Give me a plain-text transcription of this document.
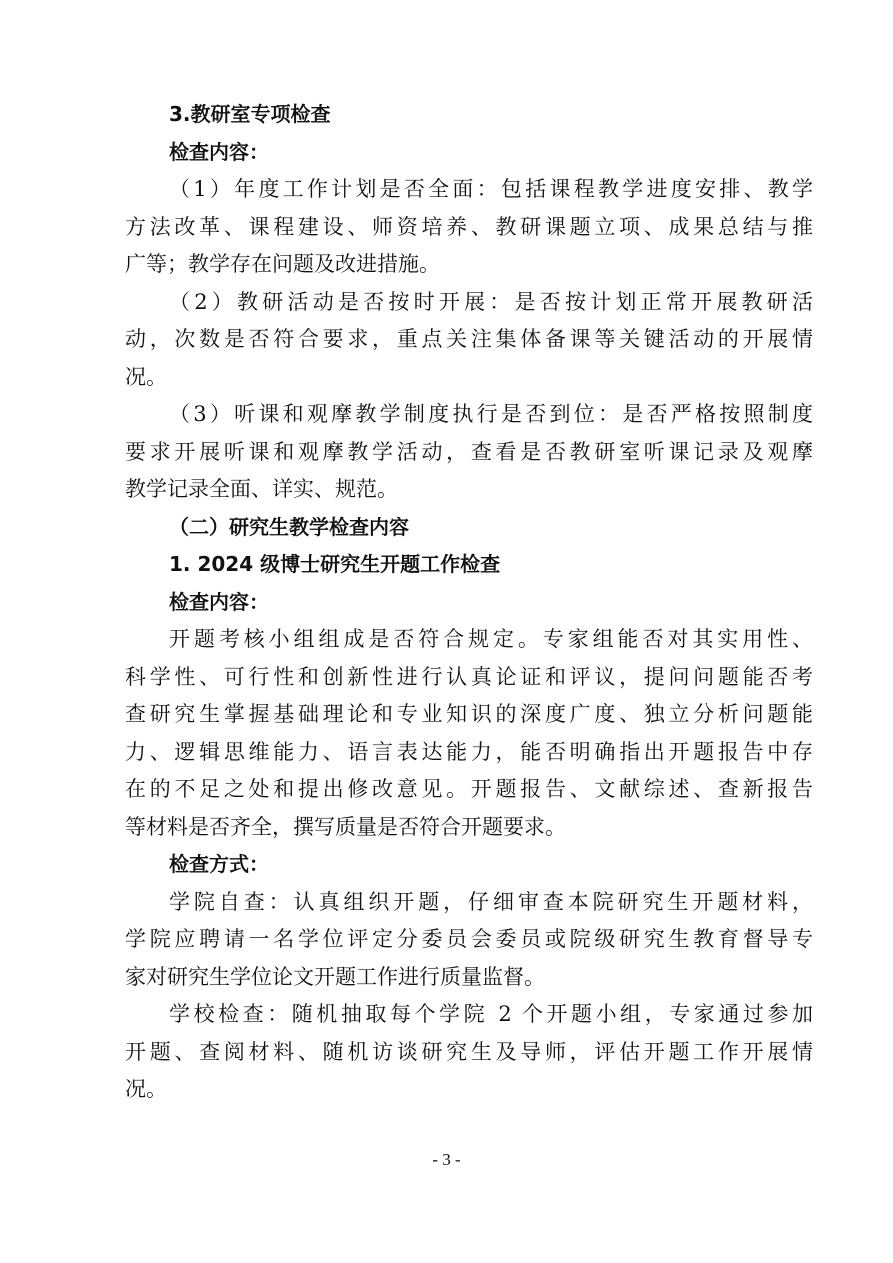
3.教研室专项检查
检查内容：
（1）年度工作计划是否全面：包括课程教学进度安排、教学
方法改革、课程建设、师资培养、教研课题立项、成果总结与推
广等；教学存在问题及改进措施。
（2）教研活动是否按时开展：是否按计划正常开展教研活
动，次数是否符合要求，重点关注集体备课等关键活动的开展情
况。
（3）听课和观摩教学制度执行是否到位：是否严格按照制度
要求开展听课和观摩教学活动，查看是否教研室听课记录及观摩
教学记录全面、详实、规范。
（二）研究生教学检查内容
1. 2024 级博士研究生开题工作检查
检查内容：
开题考核小组组成是否符合规定。专家组能否对其实用性、
科学性、可行性和创新性进行认真论证和评议，提问问题能否考
查研究生掌握基础理论和专业知识的深度广度、独立分析问题能
力、逻辑思维能力、语言表达能力，能否明确指出开题报告中存
在的不足之处和提出修改意见。开题报告、文献综述、查新报告
等材料是否齐全，撰写质量是否符合开题要求。
检查方式：
学院自查：认真组织开题，仔细审查本院研究生开题材料，
学院应聘请一名学位评定分委员会委员或院级研究生教育督导专
家对研究生学位论文开题工作进行质量监督。
学校检查：随机抽取每个学院 2 个开题小组，专家通过参加
开题、查阅材料、随机访谈研究生及导师，评估开题工作开展情
况。
- 3 -
